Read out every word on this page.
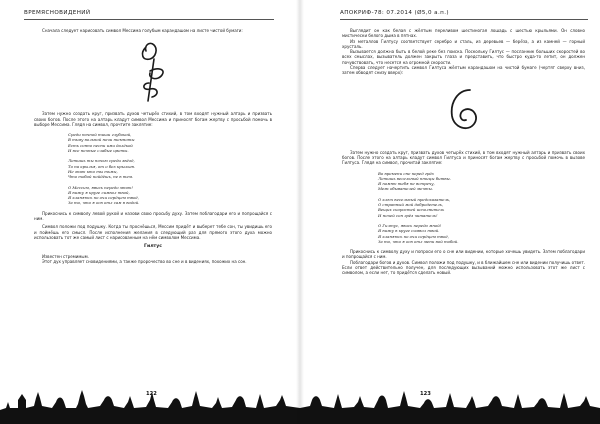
ВРЕМЯСНОВИДЕНИЙ

Сначала следует нарисовать символ Мессима голубым карандашом на листе чистой бумаги:

Затем нужно создать круг, призвать духов четырёх стихий, в том входят нужный алтарь и призвать своих богов. После этого на алтарь кладут символ Мессима и приносят богам жертву с просьбой помочь в выборе Мессима. Глядя на символ, прочтите заклятие:

Среди ночной тиши глубокой,
В тьму вольной ночи темноты
Есть сонно песни ими далёкой
И все ночные слабые цветы.
Летишь ты ночью среди звёзд,
То на крылья, от о без крыльев.
Не знаю кто ты тьмы,
Что тобой пойдёшь, не в тем.
О Мессим, явись передо мною!
Я вижу я круге символ твой,
Я кланяюсь по очи сердцем твоё,
За то, что я осв отл сам в водой.

Прикоснись к символу левой рукой и назови свою просьбу духу. Затем поблагодари его и попрощайся с ним.

Символ положи под подушку. Когда ты проснёшься, Мессим придёт и выберет тебе сон, ты увидишь его и поймёшь его смысл. После исполнения желания в следующий раз для прямого этого духа можно использовать тот же самый лист с нарисованным на нём символом Мессима.

Гилтус

Известен стремимым.

Этот дух управляет сновидениями, а также пророчество во сне и в видениях, похожих на сон.

122
АПОКРИФ-78: 07.2014 (Ø5,0 а.п.)

Выглядит он как белая с жёлтым переливом шестиногая лошадь с шестью крыльями. Он словно мистически белого дыма в пятнах.

Из металлов Гилтусу соответствует серебро и сталь, из деревьев — берёза, а из камней — горный хрусталь.

Вызывается должна быть в белой реке без поиска. Поскольку Гилтус — посланник больших скоростей во всех смыслах, вызыватель должен закрыть глаза и представить, что быстро куда-то летит, он должен почувствовать, что несется на огромной скорости.

Сперва следует начертить символ Гилтуса жёлтым карандашом на чистой бумаге (чертят сверху вниз, затем обводят снизу вверх):

Затем нужно создать круг, призвать духов четырёх стихий, в том входят нужный алтарь и призвать своих богов. После этого на алтарь кладут символ Гилтуса и приносят богам жертву с просьбой помочь в вызове Гилтуса. Глядя на символ, прочитай заклятие:

Во времени сне перед грёз
Летишь весельный птицы битвы.
Я помню тебя не встречу,
Меж обывателей мечты.
О ключ весельный предсказатель,
О странный мой добродетель,
Вещих скоростей исполнитель
И ночей сон грёз читатель!
О Гилтус, явись передо мной!
Я вижу в круге символ твой.
Я кланяюсь по очи сердцем твоё,
За то, что я осв отл мени вой тобой.

Прикоснись к символу духу и попроси его о сне или видении, которые хочешь увидеть. Затем поблагодари и попрощайся с ним.

Поблагодари богов и духов. Символ положи под подушку, и в ближайшем сне или видении получишь ответ. Если ответ действительно получен, для последующих вызываний можно использовать этот же лист с символом, а если нет, то придётся сделать новый.

123
